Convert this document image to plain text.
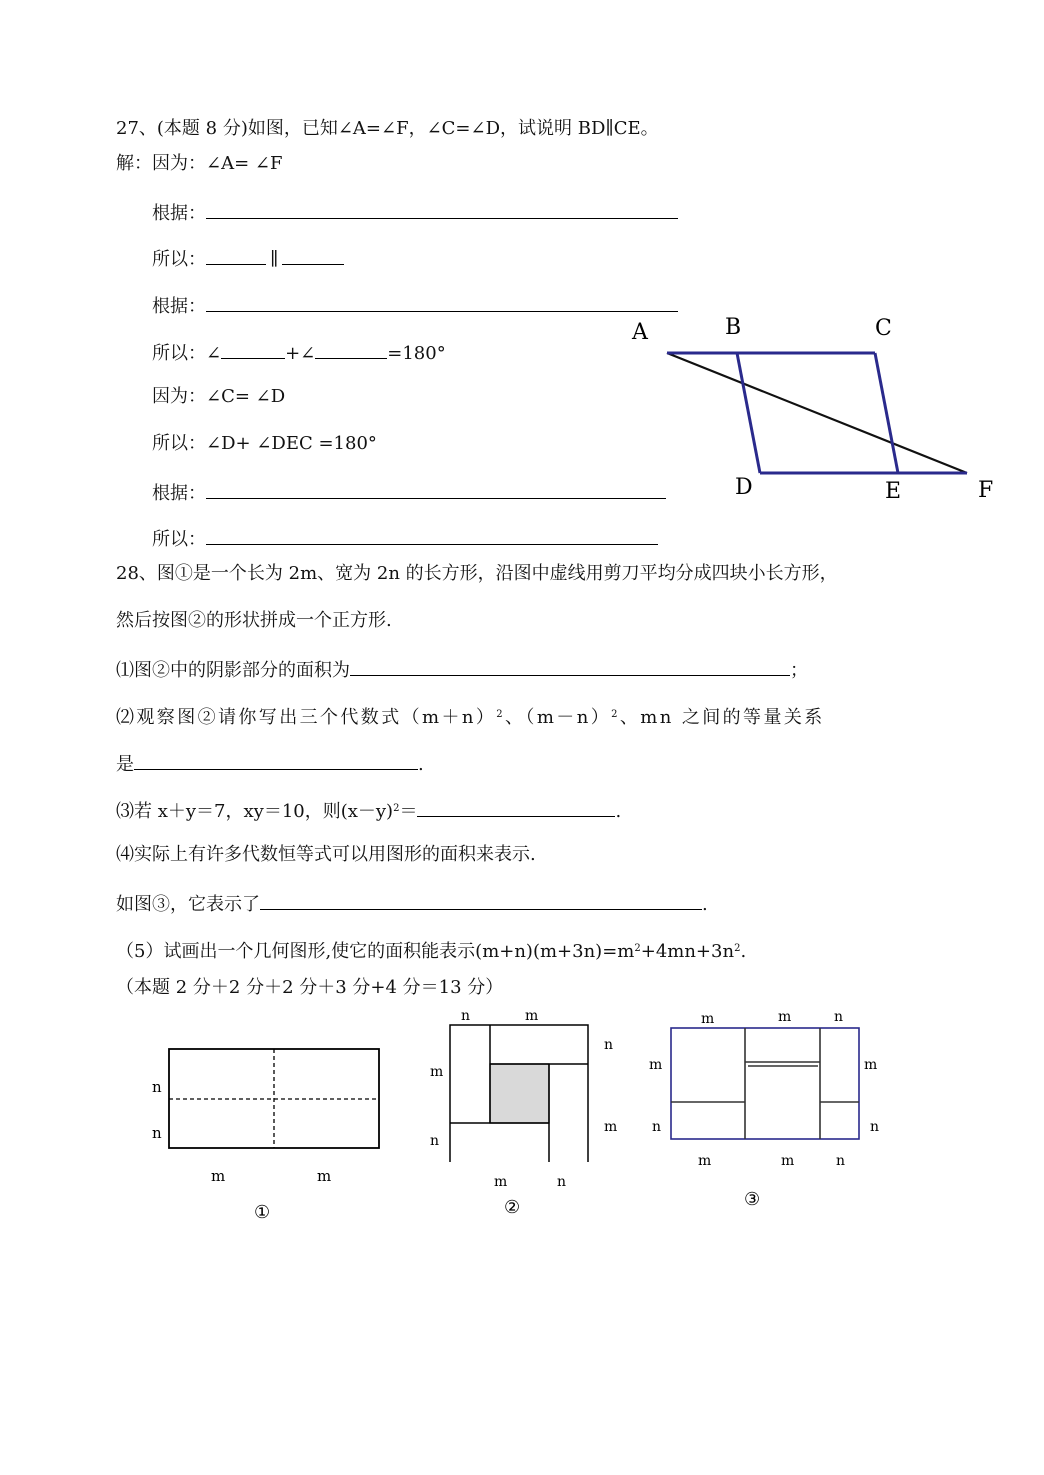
27、(本题 8 分)如图，已知∠A=∠F，∠C=∠D，试说明 BD∥CE。
解：因为：∠A= ∠F
根据：
所以：	∥
根据：
所以：∠	+∠	=180°
因为：∠C= ∠D
所以：∠D+ ∠DEC =180°
根据：
所以：
A	B	C
D	E	F
28、图①是一个长为 2m、宽为 2n 的长方形，沿图中虚线用剪刀平均分成四块小长方形，
然后按图②的形状拼成一个正方形.
⑴图②中的阴影部分的面积为	；
⑵观察图②请你写出三个代数式$(m+n)^2$、$(m-n)^2$、mn 之间的等量关系
是	.
⑶若 x＋y＝7，xy＝10，则$(x-y)^2=$	.
⑷实际上有许多代数恒等式可以用图形的面积来表示.
如图③，它表示了	.
（5）试画出一个几何图形,使它的面积能表示$(m+n)(m+3n)=m^2+4mn+3n^2$.
（本题 2 分＋2 分＋2 分＋3 分+4 分＝13 分）
n
n
m	m
①
n	m
m
n
n
m
m	n
②
m	m	n
m
n
m
n
m	m	n
③
